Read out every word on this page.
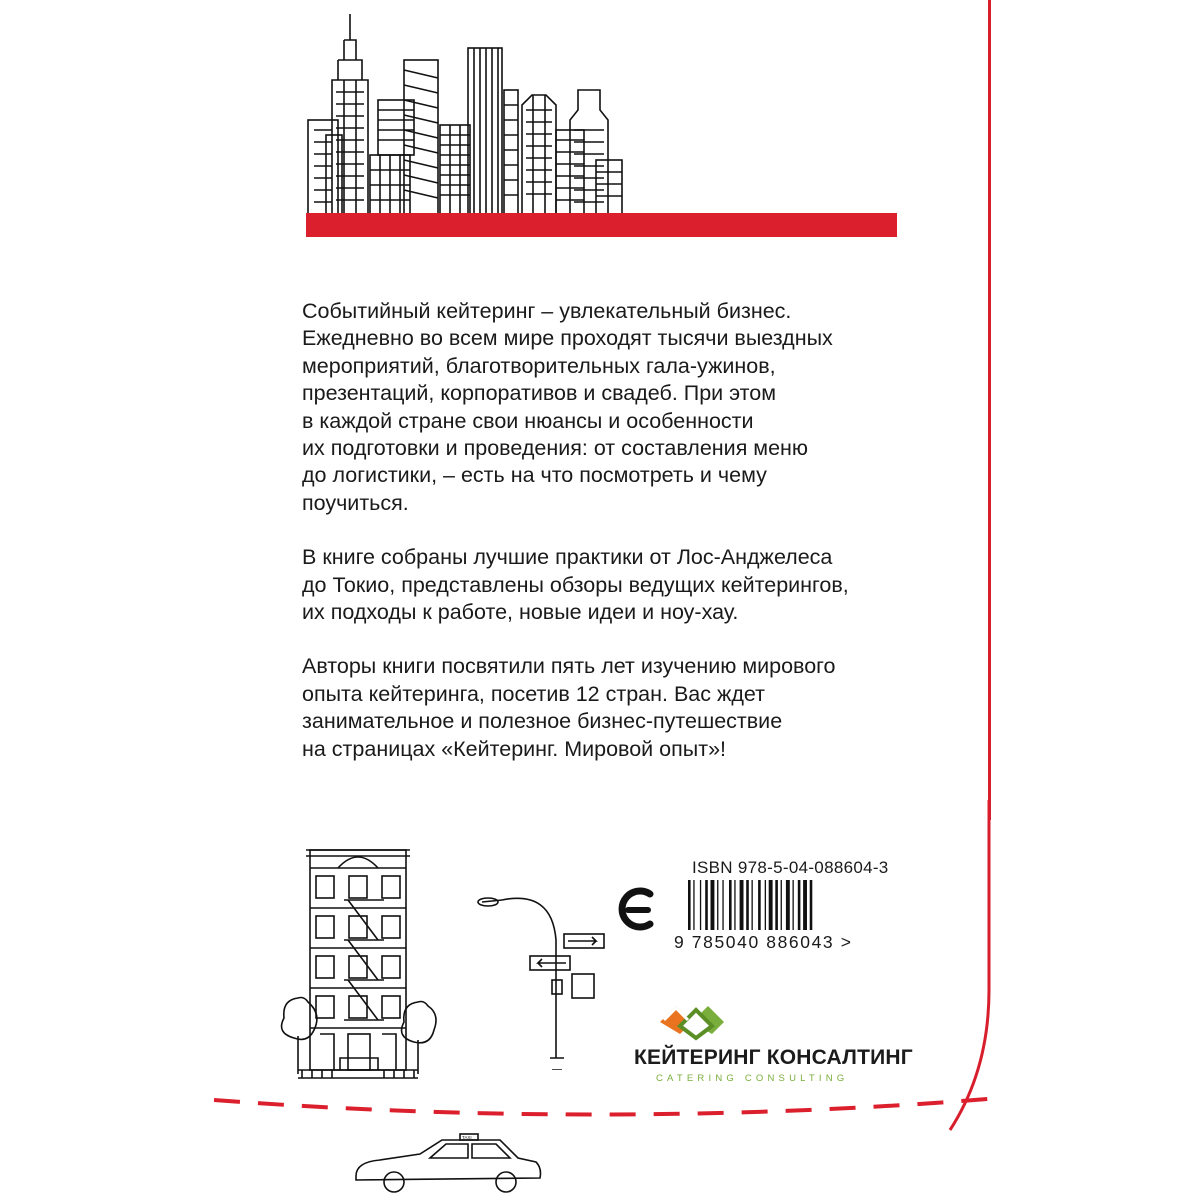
Событийный кейтеринг – увлекательный бизнес.
Ежедневно во всем мире проходят тысячи выездных
мероприятий, благотворительных гала-ужинов,
презентаций, корпоративов и свадеб. При этом
в каждой стране свои нюансы и особенности
их подготовки и проведения: от составления меню
до логистики, – есть на что посмотреть и чему
поучиться.

В книге собраны лучшие практики от Лос-Анджелеса
до Токио, представлены обзоры ведущих кейтерингов,
их подходы к работе, новые идеи и ноу-хау.

Авторы книги посвятили пять лет изучению мирового
опыта кейтеринга, посетив 12 стран. Вас ждет
занимательное и полезное бизнес-путешествие
на страницах «Кейтеринг. Мировой опыт»!

ISBN 978-5-04-088604-3
9 785040 886043 >
КЕЙТЕРИНГ КОНСАЛТИНГ
CATERING CONSULTING
TAXI
